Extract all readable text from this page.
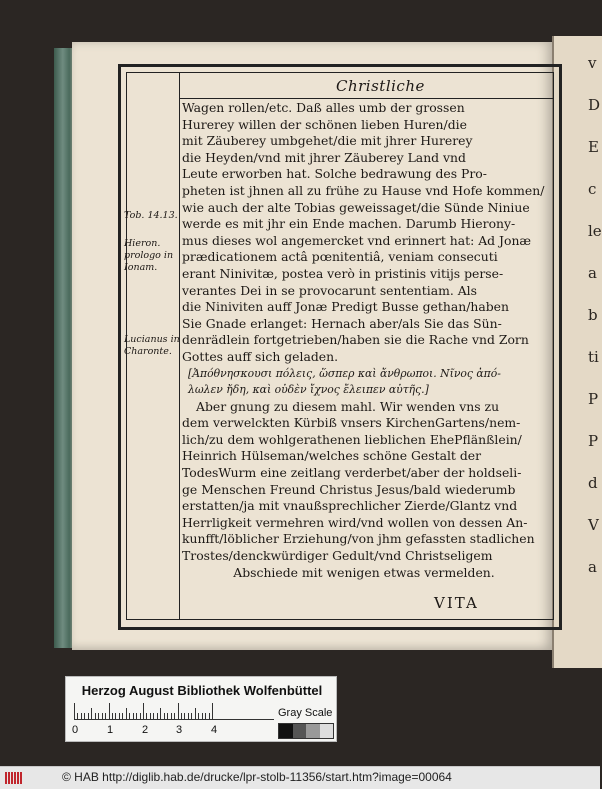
v
D
E
c
le
a
b
ti
P
P
d
V
a
Christliche
Wagen rollen/etc. Daß alles umb der grossen
Hurerey willen der schönen lieben Huren/die
mit Zäuberey umbgehet/die mit jhrer Hurerey
die Heyden/vnd mit jhrer Zäuberey Land vnd
Leute erworben hat. Solche bedrawung des Pro-
pheten ist jhnen all zu frühe zu Hause vnd Hofe kommen/
wie auch der alte Tobias geweissaget/die Sünde Niniue
werde es mit jhr ein Ende machen. Darumb Hierony-
mus dieses wol angemercket vnd erinnert hat: Ad Jonæ
prædicationem actâ pœnitentiâ, veniam consecuti
erant Ninivitæ, postea verò in pristinis vitijs perse-
verantes Dei in se provocarunt sententiam. Als
die Niniviten auff Jonæ Predigt Busse gethan/haben
Sie Gnade erlanget: Hernach aber/als Sie das Sün-
denrädlein fortgetrieben/haben sie die Rache vnd Zorn
Gottes auff sich geladen.
[Ἀπόθνησκουσι πόλεις, ὥσπερ καὶ ἄνθρωποι. Νῖνος ἀπό-
λωλεν ἤδη, καὶ οὐδὲν ἴχνος ἔλειπεν αὐτῆς.]
Aber gnung zu diesem mahl. Wir wenden vns zu
dem verwelckten Kürbiß vnsers KirchenGartens/nem-
lich/zu dem wohlgerathenen lieblichen EhePflänßlein/
Heinrich Hülseman/welches schöne Gestalt der
TodesWurm eine zeitlang verderbet/aber der holdseli-
ge Menschen Freund Christus Jesus/bald wiederumb
erstatten/ja mit vnaußsprechlicher Zierde/Glantz vnd
Herrligkeit vermehren wird/vnd wollen von dessen An-
kunfft/löblicher Erziehung/von jhm gefassten stadlichen
Trostes/denckwürdiger Gedult/vnd Christseligem
Abschiede mit wenigen etwas vermelden.
Tob. 14.13.
Hieron. prologo in Ionam.
Lucianus in Charonte.
VITA
Herzog August Bibliothek Wolfenbüttel
0	1	2	3	4
Gray Scale
© HAB http://diglib.hab.de/drucke/lpr-stolb-11356/start.htm?image=00064
